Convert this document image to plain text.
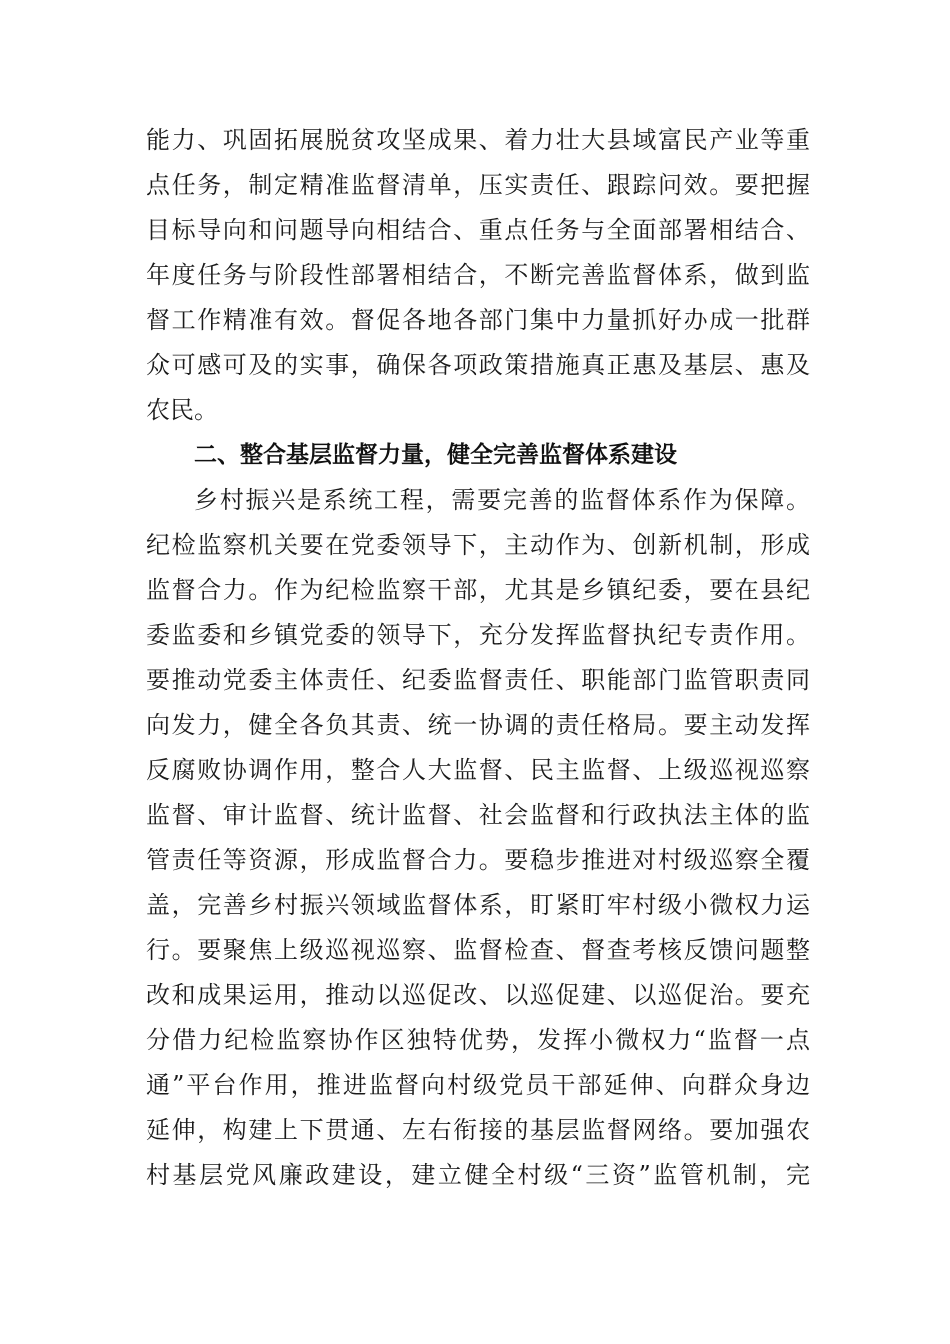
能力、巩固拓展脱贫攻坚成果、着力壮大县域富民产业等重
点任务，制定精准监督清单，压实责任、跟踪问效。要把握
目标导向和问题导向相结合、重点任务与全面部署相结合、
年度任务与阶段性部署相结合，不断完善监督体系，做到监
督工作精准有效。督促各地各部门集中力量抓好办成一批群
众可感可及的实事，确保各项政策措施真正惠及基层、惠及
农民。
二、整合基层监督力量，健全完善监督体系建设
乡村振兴是系统工程，需要完善的监督体系作为保障。
纪检监察机关要在党委领导下，主动作为、创新机制，形成
监督合力。作为纪检监察干部，尤其是乡镇纪委，要在县纪
委监委和乡镇党委的领导下，充分发挥监督执纪专责作用。
要推动党委主体责任、纪委监督责任、职能部门监管职责同
向发力，健全各负其责、统一协调的责任格局。要主动发挥
反腐败协调作用，整合人大监督、民主监督、上级巡视巡察
监督、审计监督、统计监督、社会监督和行政执法主体的监
管责任等资源，形成监督合力。要稳步推进对村级巡察全覆
盖，完善乡村振兴领域监督体系，盯紧盯牢村级小微权力运
行。要聚焦上级巡视巡察、监督检查、督查考核反馈问题整
改和成果运用，推动以巡促改、以巡促建、以巡促治。要充
分借力纪检监察协作区独特优势，发挥小微权力“监督一点
通”平台作用，推进监督向村级党员干部延伸、向群众身边
延伸，构建上下贯通、左右衔接的基层监督网络。要加强农
村基层党风廉政建设，建立健全村级“三资”监管机制，完
